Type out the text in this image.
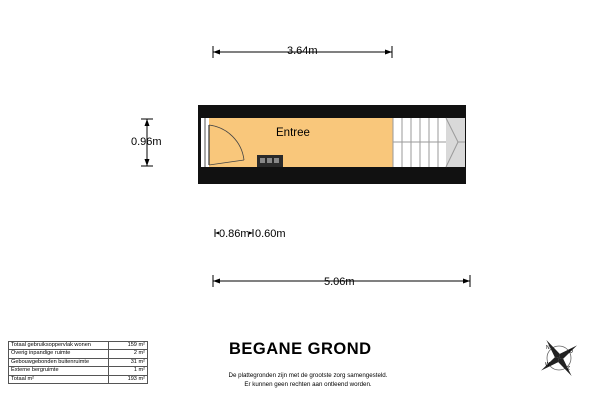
3.64m
0.96m
0.86m 0.60m
5.06m
Entree
N
O
Z
W
BEGANE GROND
De plattegronden zijn met de grootste zorg samengesteld.
Er kunnen geen rechten aan ontleend worden.
Totaal gebruiksoppervlak wonen	159 m²
Overig inpandige ruimte	2 m²
Gebouwgebonden buitenruimte	31 m²
Externe bergruimte	1 m²
Totaal m²	193 m²
